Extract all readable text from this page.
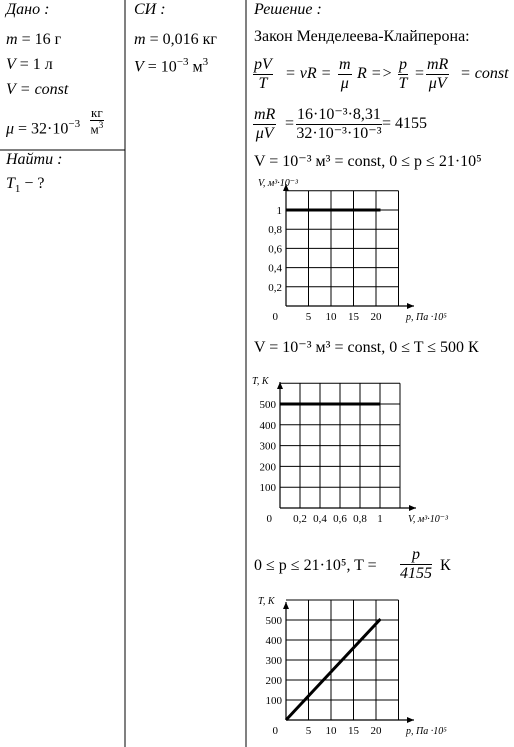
Дано :
m = 16 г
V = 1 л
V = const
$\mu = 32\cdot 10^{-3}$
кг
$м^3$
Найти :
$T_1$ − ?
СИ :
m = 0,016 кг
$V = 10^{-3}$ $м^3$
Решение :
Закон Менделеева-Клайперона:
$\frac{pV}{T} = \nu R = \frac{m}{\mu}$ $R => \frac{p}{T} = \frac{mR}{\mu V}$ = const
$\frac{mR}{\mu V} = \frac{\text{16·10⁻³·8,31}}{\text{32·10⁻³·10⁻³}} = 4155$
V = 10⁻³ м³ = const, 0 ≤ p ≤ 21·10⁵
5 10 15 20
0,2
0,4
0,6
0,8
1
0
V, м³·10⁻³
p, Па ·10⁵
V = 10⁻³ м³ = const, 0 ≤ T ≤ 500 К
0,2 0,4 0,6 0,8 1
100
200
300
400
500
0
T, К
V, м³·10⁻³
0 ≤ p ≤ 21·10⁵, $T = \frac{p}{4155}$ К
5 10 15 20
100
200
300
400
500
0
T, К
p, Па ·10⁵
